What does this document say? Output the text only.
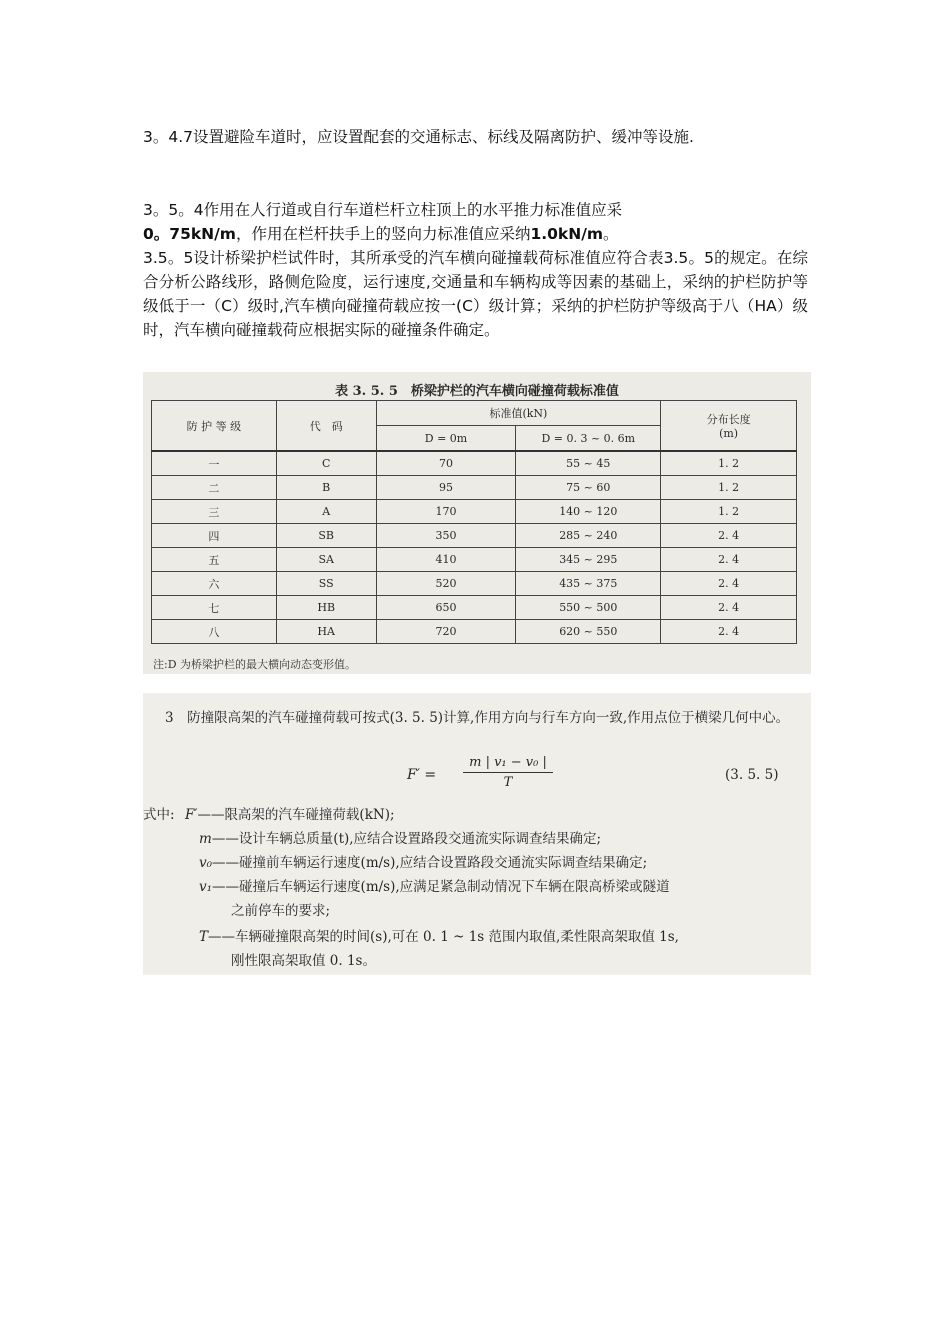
3。4.7设置避险车道时，应设置配套的交通标志、标线及隔离防护、缓冲等设施.

3。5。4作用在人行道或自行车道栏杆立柱顶上的水平推力标准值应采
0。75kN/m，作用在栏杆扶手上的竖向力标准值应采纳1.0kN/m。

3.5。5设计桥梁护栏试件时，其所承受的汽车横向碰撞载荷标准值应符合表3.5。5的规定。在综合分析公路线形，路侧危险度，运行速度,交通量和车辆构成等因素的基础上，采纳的护栏防护等级低于一（C）级时,汽车横向碰撞荷载应按一(C）级计算；采纳的护栏防护等级高于八（HA）级时，汽车横向碰撞载荷应根据实际的碰撞条件确定。

表 3. 5. 5　桥梁护栏的汽车横向碰撞荷载标准值
防 护 等 级	代　码	标准值(kN)		分布长度
(m)
		D = 0m	D = 0. 3 ~ 0. 6m	
一	C	70	55 ~ 45	1. 2
二	B	95	75 ~ 60	1. 2
三	A	170	140 ~ 120	1. 2
四	SB	350	285 ~ 240	2. 4
五	SA	410	345 ~ 295	2. 4
六	SS	520	435 ~ 375	2. 4
七	HB	650	550 ~ 500	2. 4
八	HA	720	620 ~ 550	2. 4
注:D 为桥梁护栏的最大横向动态变形值。

3　防撞限高架的汽车碰撞荷载可按式(3. 5. 5)计算,作用方向与行车方向一致,作用点位于横梁几何中心。

$F' = \frac{\text{m | v₁ − v₀ |}}{T}$	(3. 5. 5)
式中: F′——限高架的汽车碰撞荷载(kN);
m——设计车辆总质量(t),应结合设置路段交通流实际调查结果确定;
v₀——碰撞前车辆运行速度(m/s),应结合设置路段交通流实际调查结果确定;
v₁——碰撞后车辆运行速度(m/s),应满足紧急制动情况下车辆在限高桥梁或隧道
之前停车的要求;
T——车辆碰撞限高架的时间(s),可在 0. 1 ~ 1s 范围内取值,柔性限高架取值 1s,
刚性限高架取值 0. 1s。
